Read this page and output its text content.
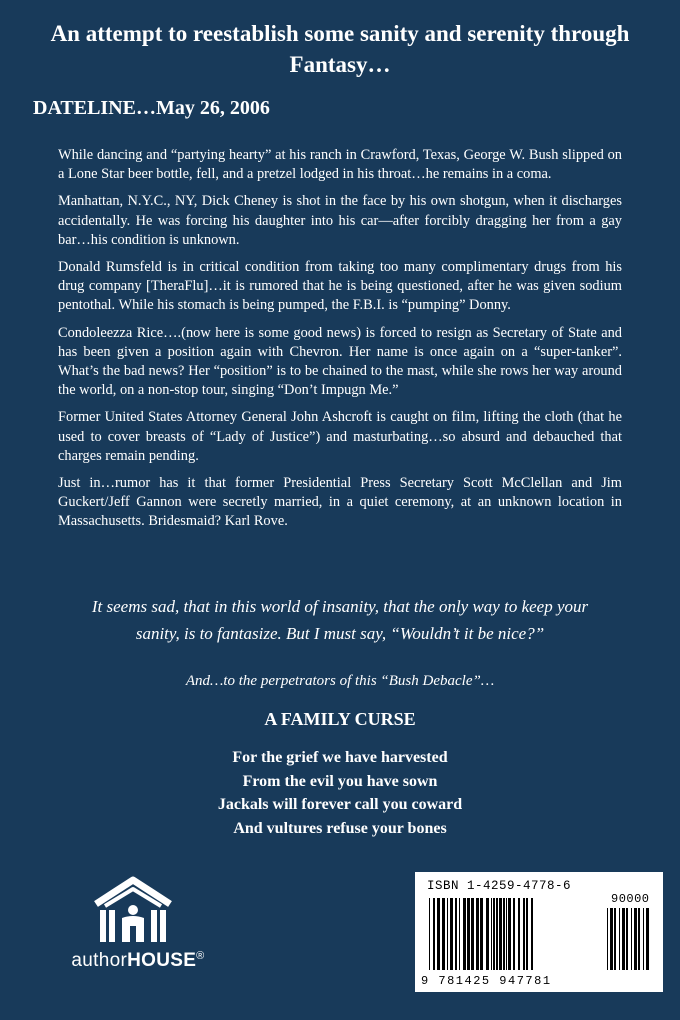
An attempt to reestablish some sanity and serenity through
Fantasy…
DATELINE…May 26, 2006

While dancing and “partying hearty” at his ranch in Crawford, Texas, George W. Bush slipped on a Lone Star beer bottle, fell, and a pretzel lodged in his throat…he remains in a coma.

Manhattan, N.Y.C., NY, Dick Cheney is shot in the face by his own shotgun, when it discharges accidentally. He was forcing his daughter into his car—after forcibly dragging her from a gay bar…his condition is unknown.

Donald Rumsfeld is in critical condition from taking too many complimentary drugs from his drug company [TheraFlu]…it is rumored that he is being questioned, after he was given sodium pentothal. While his stomach is being pumped, the F.B.I. is “pumping” Donny.

Condoleezza Rice….(now here is some good news) is forced to resign as Secretary of State and has been given a position again with Chevron. Her name is once again on a “super-tanker”. What’s the bad news? Her “position” is to be chained to the mast, while she rows her way around the world, on a non-stop tour, singing “Don’t Impugn Me.”

Former United States Attorney General John Ashcroft is caught on film, lifting the cloth (that he used to cover breasts of “Lady of Justice”) and masturbating…so absurd and debauched that charges remain pending.

Just in…rumor has it that former Presidential Press Secretary Scott McClellan and Jim Guckert/Jeff Gannon were secretly married, in a quiet ceremony, at an unknown location in Massachusetts. Bridesmaid? Karl Rove.

It seems sad, that in this world of insanity, that the only way to keep your
sanity, is to fantasize. But I must say, “Wouldn’t it be nice?”
And…to the perpetrators of this “Bush Debacle”…
A FAMILY CURSE
For the grief we have harvested
From the evil you have sown
Jackals will forever call you coward
And vultures refuse your bones
authorHOUSE®
ISBN 1-4259-4778-6
90000
9 781425 947781
